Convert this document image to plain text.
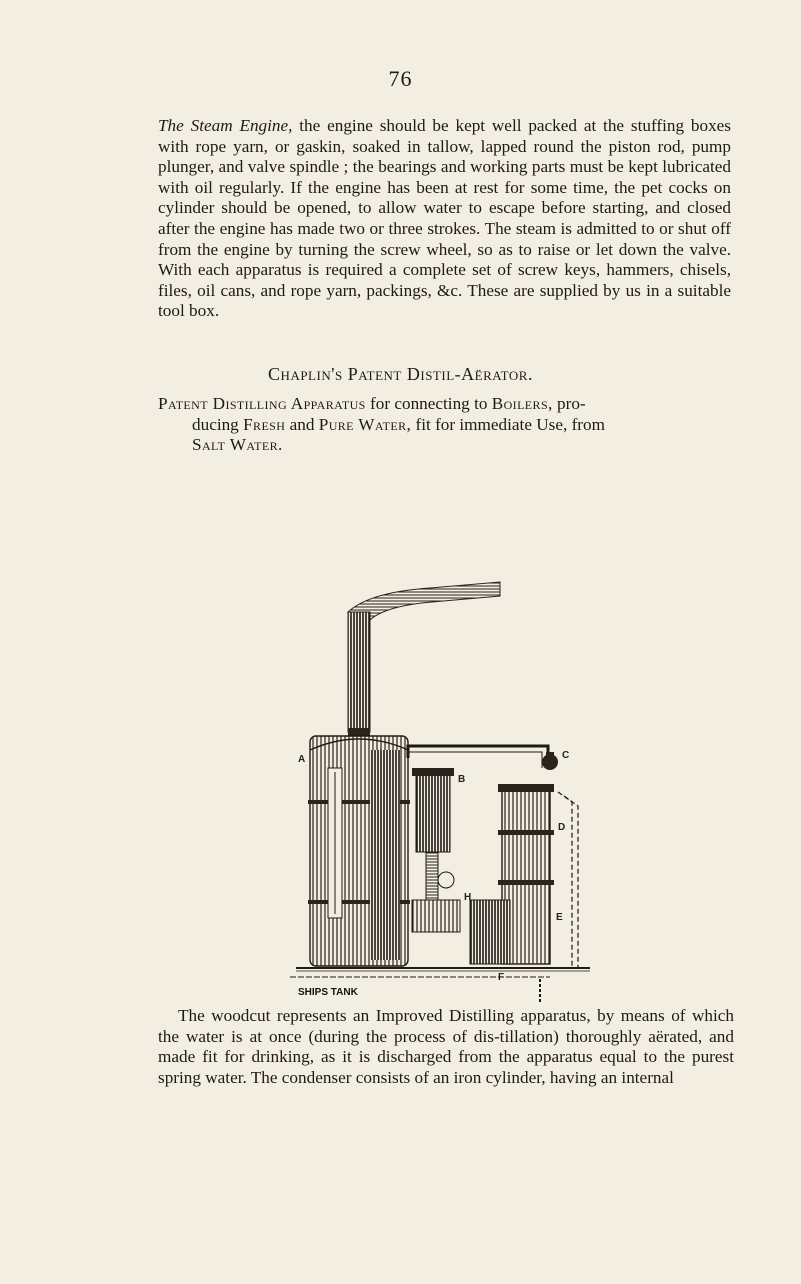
76

The Steam Engine, the engine should be kept well packed at the stuffing boxes with rope yarn, or gaskin, soaked in tallow, lapped round the piston rod, pump plunger, and valve spindle ; the bearings and working parts must be kept lubricated with oil regularly. If the engine has been at rest for some time, the pet cocks on cylinder should be opened, to allow water to escape before starting, and closed after the engine has made two or three strokes. The steam is admitted to or shut off from the engine by turning the screw wheel, so as to raise or let down the valve. With each apparatus is required a complete set of screw keys, hammers, chisels, files, oil cans, and rope yarn, packings, &c. These are supplied by us in a suitable tool box.

Chaplin's Patent Distil-Aërator.
Patent Distilling Apparatus for connecting to Boilers, pro-
ducing Fresh and Pure Water, fit for immediate Use, from
Salt Water.
A
B
C
D
E
F
H
SHIPS TANK

The woodcut represents an Improved Distilling apparatus, by means of which the water is at once (during the process of dis-tillation) thoroughly aërated, and made fit for drinking, as it is discharged from the apparatus equal to the purest spring water. The condenser consists of an iron cylinder, having an internal
